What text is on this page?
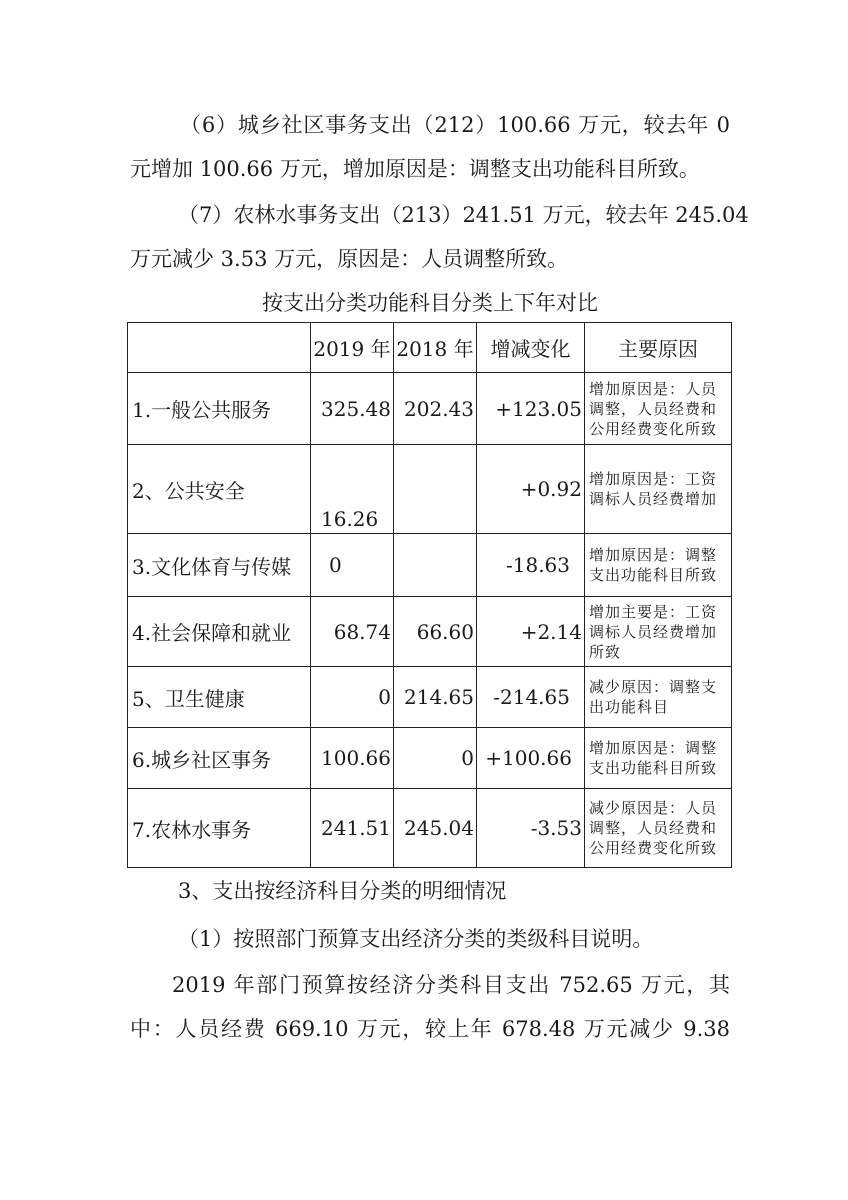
（6）城乡社区事务支出（212）100.66 万元，较去年 0
元增加 100.66 万元，增加原因是：调整支出功能科目所致。
（7）农林水事务支出（213）241.51 万元，较去年 245.04
万元减少 3.53 万元，原因是：人员调整所致。
按支出分类功能科目分类上下年对比
	2019 年	2018 年	增减变化	主要原因
1.一般公共服务	325.48	202.43	+123.05	增加原因是：人员调整，人员经费和公用经费变化所致
2、公共安全	16.26		+0.92	增加原因是：工资调标人员经费增加
3.文化体育与传媒	0		-18.63	增加原因是：调整支出功能科目所致
4.社会保障和就业	68.74	66.60	+2.14	增加主要是：工资调标人员经费增加所致
5、卫生健康	0	214.65	-214.65	减少原因：调整支出功能科目
6.城乡社区事务	100.66	0	+100.66	增加原因是：调整支出功能科目所致
7.农林水事务	241.51	245.04	-3.53	减少原因是：人员调整，人员经费和公用经费变化所致
3、支出按经济科目分类的明细情况
（1）按照部门预算支出经济分类的类级科目说明。
2019 年部门预算按经济分类科目支出 752.65 万元，其
中：人员经费 669.10 万元，较上年 678.48 万元减少 9.38
